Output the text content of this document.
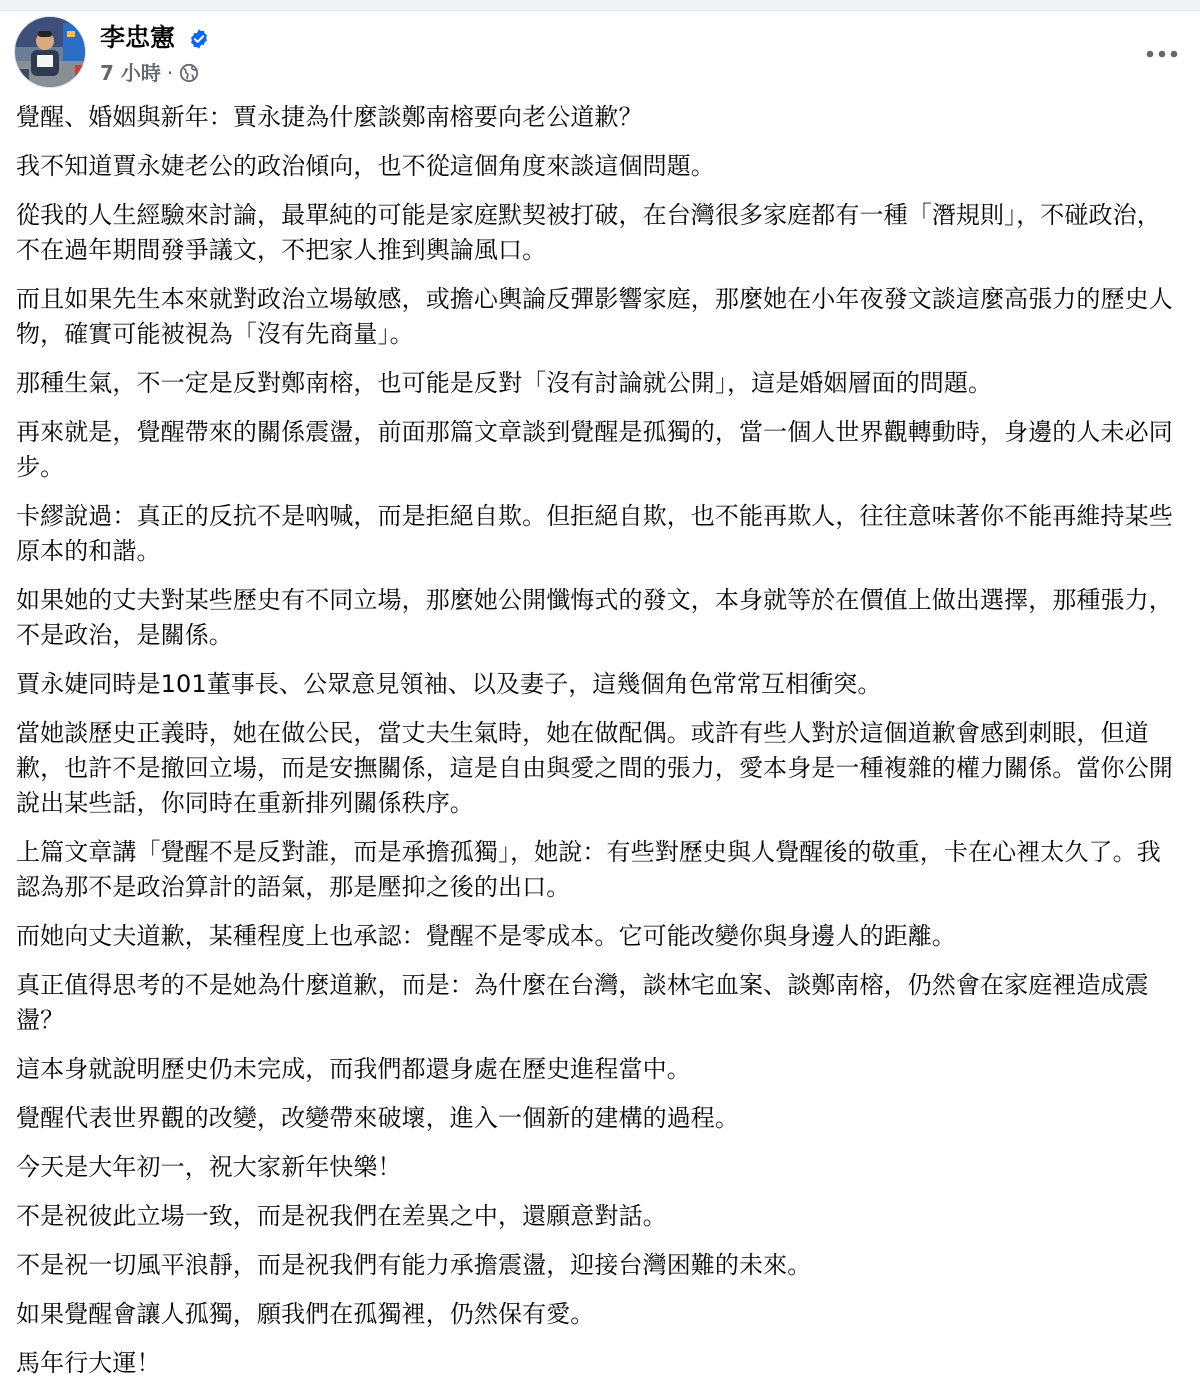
李忠憲
7 小時 ·

覺醒、婚姻與新年：賈永捷為什麼談鄭南榕要向老公道歉？

我不知道賈永婕老公的政治傾向，也不從這個角度來談這個問題。

從我的人生經驗來討論，最單純的可能是家庭默契被打破，在台灣很多家庭都有一種「潛規則」，不碰政治，不在過年期間發爭議文，不把家人推到輿論風口。

而且如果先生本來就對政治立場敏感，或擔心輿論反彈影響家庭，那麼她在小年夜發文談這麼高張力的歷史人物，確實可能被視為「沒有先商量」。

那種生氣，不一定是反對鄭南榕，也可能是反對「沒有討論就公開」，這是婚姻層面的問題。

再來就是，覺醒帶來的關係震盪，前面那篇文章談到覺醒是孤獨的，當一個人世界觀轉動時，身邊的人未必同步。

卡繆說過：真正的反抗不是吶喊，而是拒絕自欺。但拒絕自欺，也不能再欺人，往往意味著你不能再維持某些原本的和諧。

如果她的丈夫對某些歷史有不同立場，那麼她公開懺悔式的發文，本身就等於在價值上做出選擇，那種張力，不是政治，是關係。

賈永婕同時是101董事長、公眾意見領袖、以及妻子，這幾個角色常常互相衝突。

當她談歷史正義時，她在做公民，當丈夫生氣時，她在做配偶。或許有些人對於這個道歉會感到刺眼，但道歉，也許不是撤回立場，而是安撫關係，這是自由與愛之間的張力，愛本身是一種複雜的權力關係。當你公開說出某些話，你同時在重新排列關係秩序。

上篇文章講「覺醒不是反對誰，而是承擔孤獨」，她說：有些對歷史與人覺醒後的敬重，卡在心裡太久了。我認為那不是政治算計的語氣，那是壓抑之後的出口。

而她向丈夫道歉，某種程度上也承認：覺醒不是零成本。它可能改變你與身邊人的距離。

真正值得思考的不是她為什麼道歉，而是：為什麼在台灣，談林宅血案、談鄭南榕，仍然會在家庭裡造成震盪？

這本身就說明歷史仍未完成，而我們都還身處在歷史進程當中。

覺醒代表世界觀的改變，改變帶來破壞，進入一個新的建構的過程。

今天是大年初一，祝大家新年快樂！

不是祝彼此立場一致，而是祝我們在差異之中，還願意對話。

不是祝一切風平浪靜，而是祝我們有能力承擔震盪，迎接台灣困難的未來。

如果覺醒會讓人孤獨，願我們在孤獨裡，仍然保有愛。

馬年行大運！
